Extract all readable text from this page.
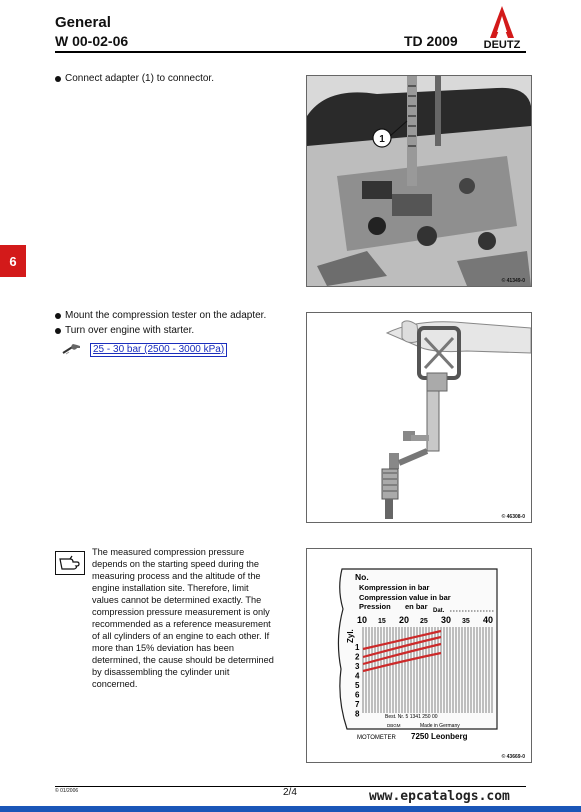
General
W 00-02-06	TD 2009 DEUTZ
6
Connect adapter (1) to connector.
1
© 41349-0
Mount the compression tester on the adapter.
Turn over engine with starter.
25 - 30 bar (2500 - 3000 kPa)
© 46308-0
The measured compression pressure depends on the starting speed during the measuring process and the altitude of the engine installation site. Therefore, limit values cannot be determined exactly. The compression pressure measurement is only recommended as a reference measurement of all cylinders of an engine to each other. If more than 15% deviation has been determined, the cause should be determined by disassembling the cylinder unit concerned.
No.
Kompression in bar
Compression value in bar
Pression en bar Dat.
10 15 20 25 30 35 40
Zyl.
1
2
3
4
5
6
7
8	Best. Nr. 5 1341 250 00
DBGM	Made in Germany
MOTOMETER 7250 Leonberg
© 43669-0
© 01/2006	2/4	www.epcatalogs.com
